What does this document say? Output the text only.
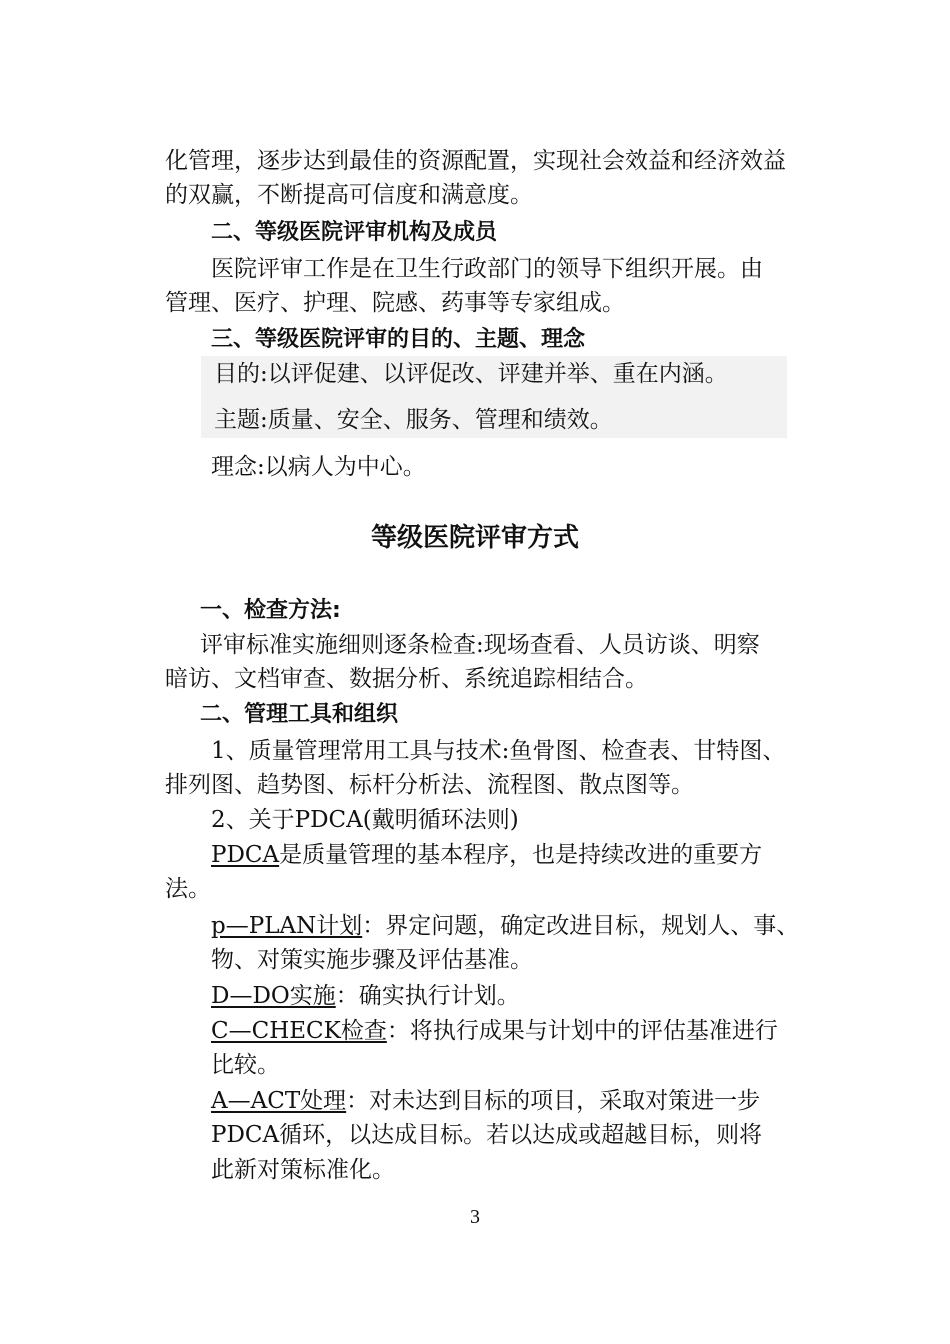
化管理，逐步达到最佳的资源配置，实现社会效益和经济效益
的双赢，不断提高可信度和满意度。
二、等级医院评审机构及成员
医院评审工作是在卫生行政部门的领导下组织开展。由
管理、医疗、护理、院感、药事等专家组成。
三、等级医院评审的目的、主题、理念
目的:以评促建、以评促改、评建并举、重在内涵。
主题:质量、安全、服务、管理和绩效。
理念:以病人为中心。
等级医院评审方式
一、检查方法:
评审标准实施细则逐条检查:现场查看、人员访谈、明察
暗访、文档审查、数据分析、系统追踪相结合。
二、管理工具和组织
1、质量管理常用工具与技术:鱼骨图、检查表、甘特图、
排列图、趋势图、标杆分析法、流程图、散点图等。
2、关于PDCA(戴明循环法则)
PDCA是质量管理的基本程序，也是持续改进的重要方
法。
p—PLAN计划：界定问题，确定改进目标，规划人、事、
物、对策实施步骤及评估基准。
D—DO实施：确实执行计划。
C—CHECK检查：将执行成果与计划中的评估基准进行
比较。
A—ACT处理：对未达到目标的项目，采取对策进一步
PDCA循环，以达成目标。若以达成或超越目标，则将
此新对策标准化。
3
